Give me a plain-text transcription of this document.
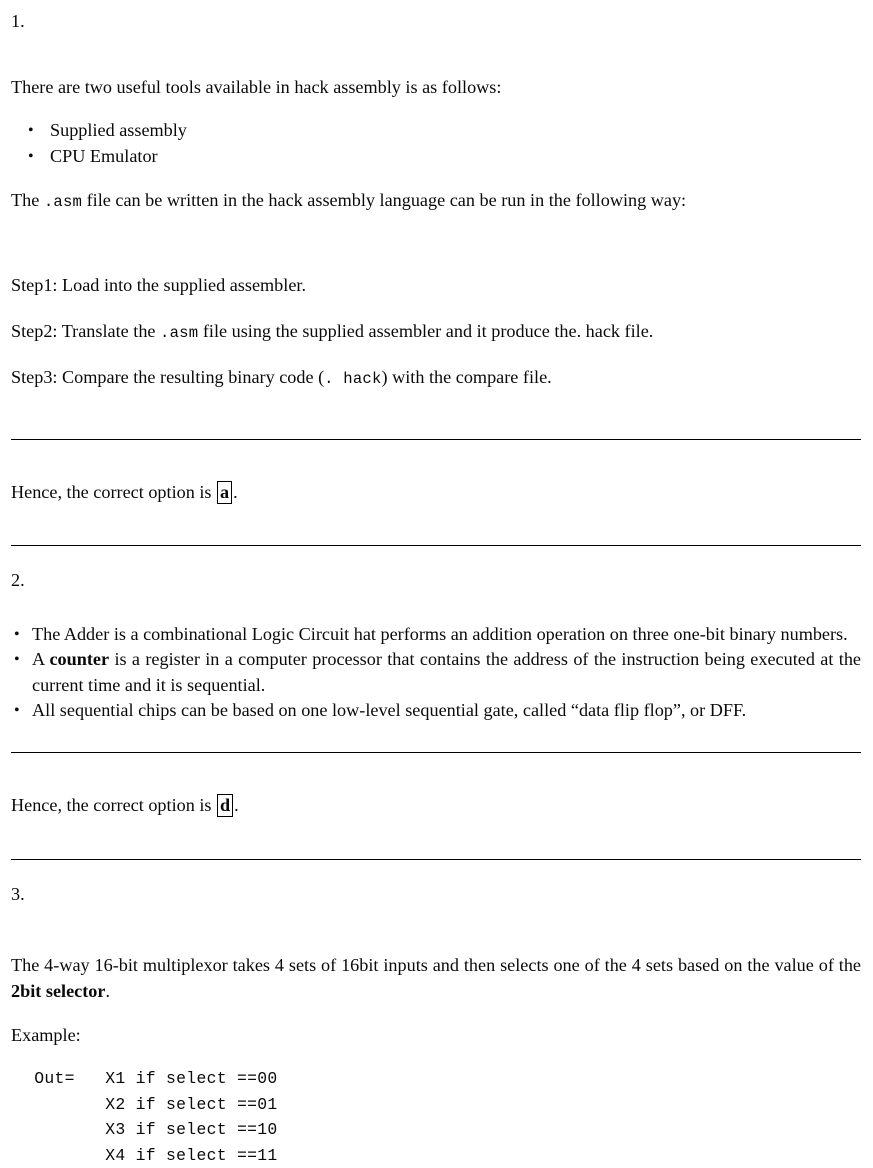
1.

There are two useful tools available in hack assembly is as follows:

• Supplied assembly
• CPU Emulator

The .asm file can be written in the hack assembly language can be run in the following way:

Step1: Load into the supplied assembler.

Step2: Translate the .asm file using the supplied assembler and it produce the. hack file.

Step3: Compare the resulting binary code (. hack) with the compare file.

Hence, the correct option is a .

2.

• The Adder is a combinational Logic Circuit hat performs an addition operation on three one-bit binary numbers.
• A counter is a register in a computer processor that contains the address of the instruction being executed at the current time and it is sequential.
• All sequential chips can be based on one low-level sequential gate, called “data flip flop”, or DFF.

Hence, the correct option is d .

3.

The 4-way 16-bit multiplexor takes 4 sets of 16bit inputs and then selects one of the 4 sets based on the value of the 2bit selector.

Example:

Out=   X1 if select ==00
X2 if select ==01
X3 if select ==10
X4 if select ==11
